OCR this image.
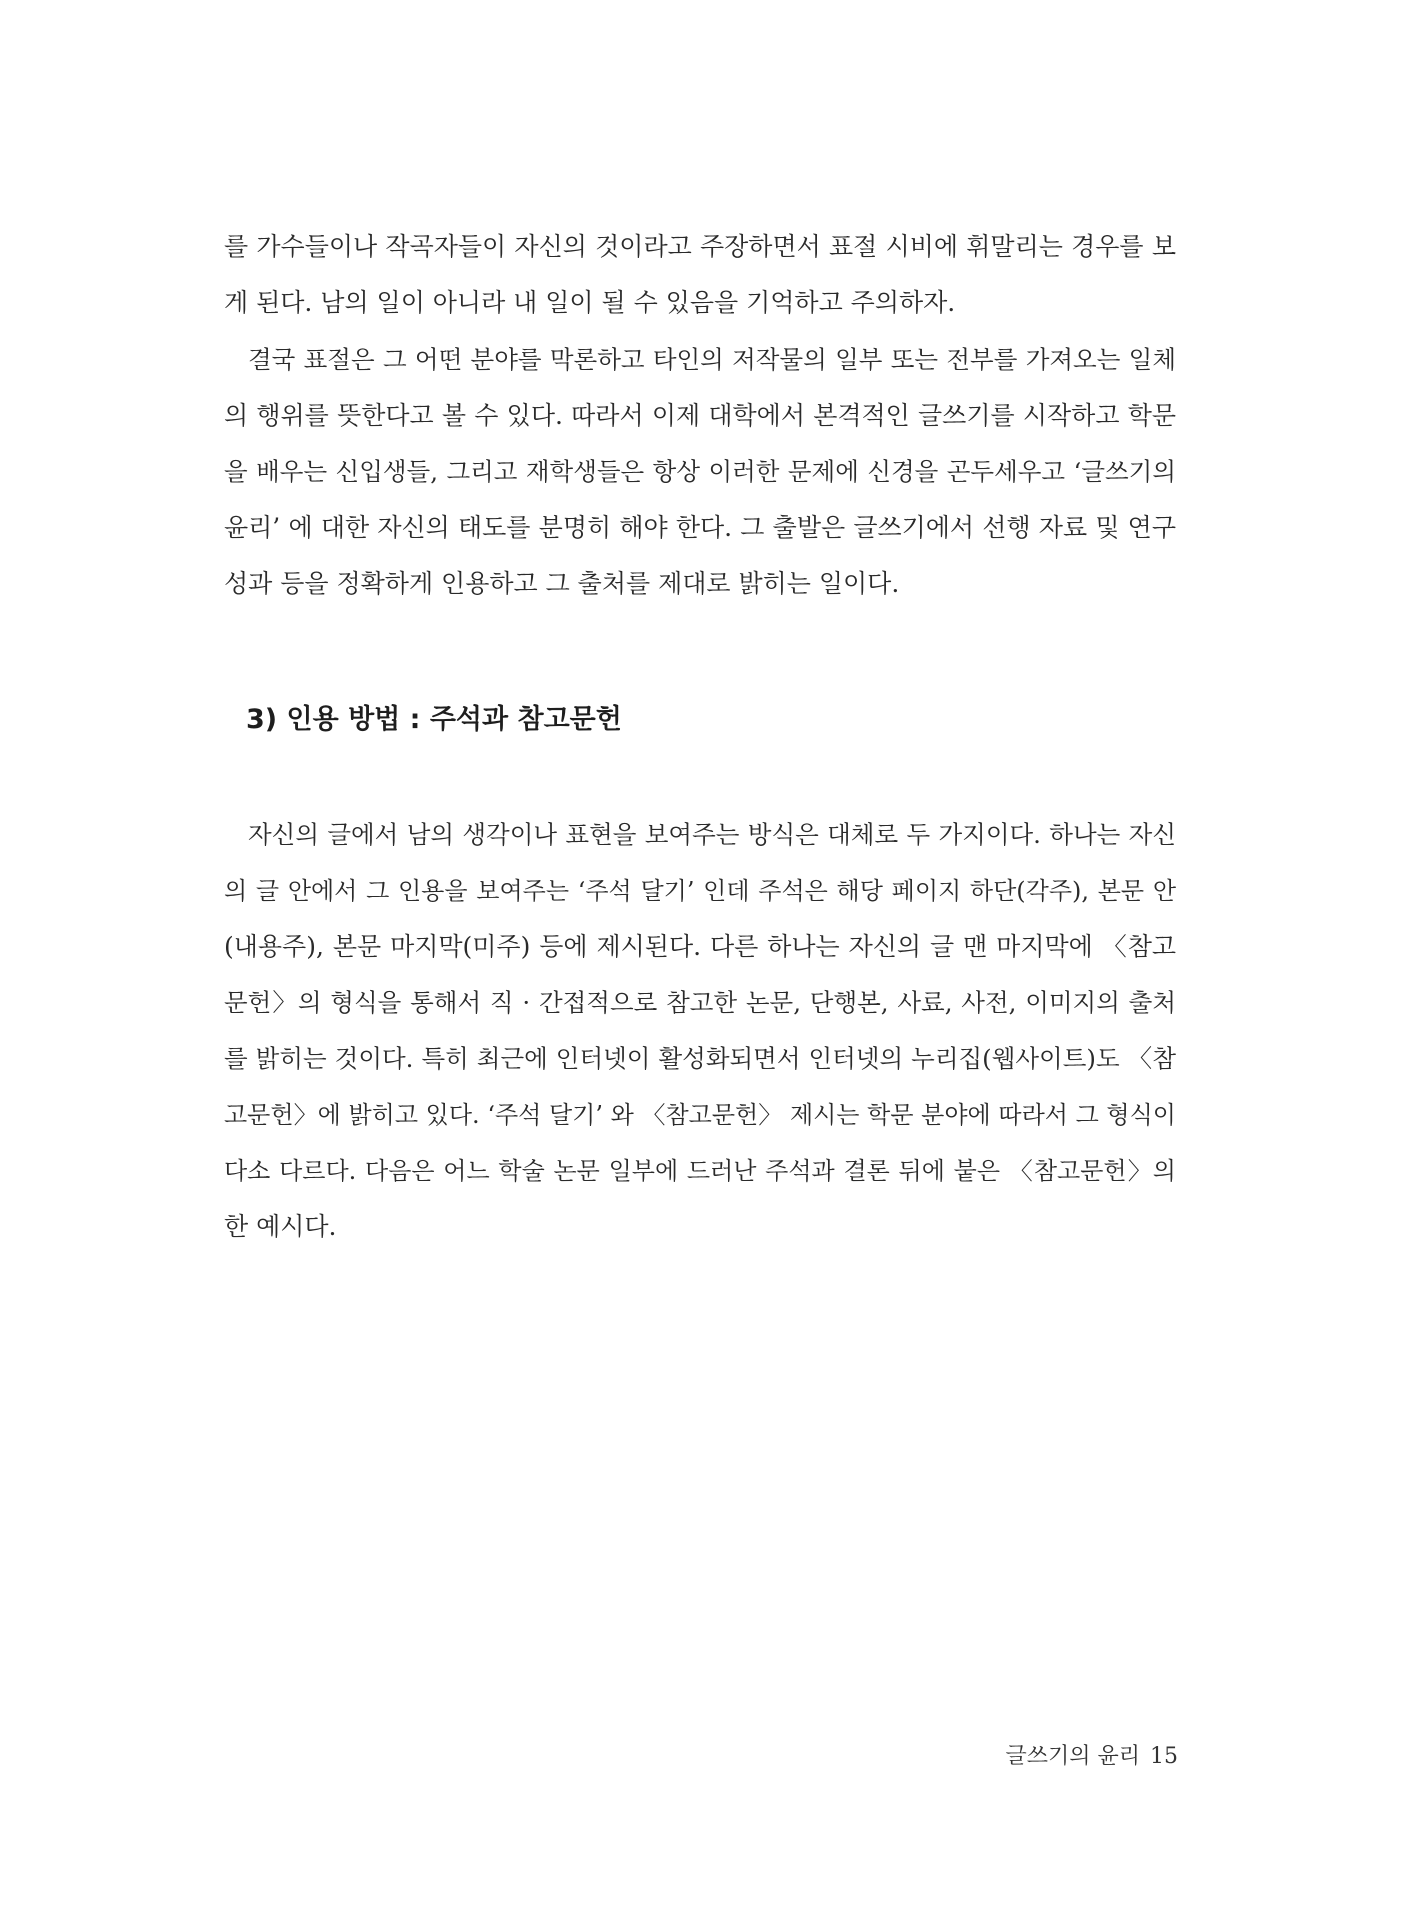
를 가수들이나 작곡자들이 자신의 것이라고 주장하면서 표절 시비에 휘말리는 경우를 보
게 된다. 남의 일이 아니라 내 일이 될 수 있음을 기억하고 주의하자.
결국 표절은 그 어떤 분야를 막론하고 타인의 저작물의 일부 또는 전부를 가져오는 일체
의 행위를 뜻한다고 볼 수 있다. 따라서 이제 대학에서 본격적인 글쓰기를 시작하고 학문
을 배우는 신입생들, 그리고 재학생들은 항상 이러한 문제에 신경을 곤두세우고 ‘글쓰기의
윤리’ 에 대한 자신의 태도를 분명히 해야 한다. 그 출발은 글쓰기에서 선행 자료 및 연구
성과 등을 정확하게 인용하고 그 출처를 제대로 밝히는 일이다.
3) 인용 방법 : 주석과 참고문헌
자신의 글에서 남의 생각이나 표현을 보여주는 방식은 대체로 두 가지이다. 하나는 자신
의 글 안에서 그 인용을 보여주는 ‘주석 달기’ 인데 주석은 해당 페이지 하단(각주), 본문 안
(내용주), 본문 마지막(미주) 등에 제시된다. 다른 하나는 자신의 글 맨 마지막에 〈참고
문헌〉의 형식을 통해서 직 · 간접적으로 참고한 논문, 단행본, 사료, 사전, 이미지의 출처
를 밝히는 것이다. 특히 최근에 인터넷이 활성화되면서 인터넷의 누리집(웹사이트)도 〈참
고문헌〉에 밝히고 있다. ‘주석 달기’ 와 〈참고문헌〉 제시는 학문 분야에 따라서 그 형식이
다소 다르다. 다음은 어느 학술 논문 일부에 드러난 주석과 결론 뒤에 붙은 〈참고문헌〉의
한 예시다.
글쓰기의 윤리 15
